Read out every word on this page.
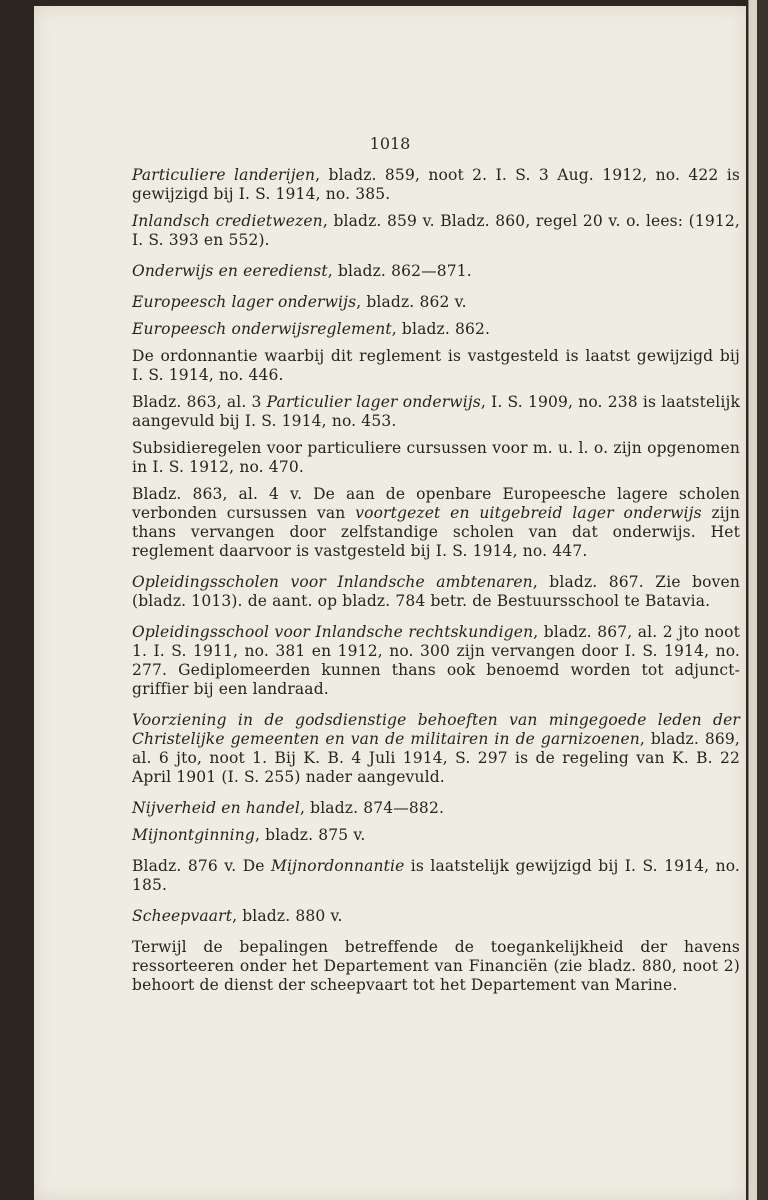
1018

Particuliere landerijen, bladz. 859, noot 2. I. S. 3 Aug. 1912, no. 422 is gewijzigd bij I. S. 1914, no. 385.

Inlandsch credietwezen, bladz. 859 v. Bladz. 860, regel 20 v. o. lees: (1912, I. S. 393 en 552).

Onderwijs en eeredienst, bladz. 862—871.

Europeesch lager onderwijs, bladz. 862 v.

Europeesch onderwijsreglement, bladz. 862.

De ordonnantie waarbij dit reglement is vastgesteld is laatst gewijzigd bij I. S. 1914, no. 446.

Bladz. 863, al. 3 Particulier lager onderwijs, I. S. 1909, no. 238 is laatstelijk aangevuld bij I. S. 1914, no. 453.

Subsidieregelen voor particuliere cursussen voor m. u. l. o. zijn opgenomen in I. S. 1912, no. 470.

Bladz. 863, al. 4 v. De aan de openbare Europeesche lagere scholen verbonden cursussen van voortgezet en uitgebreid lager onderwijs zijn thans vervangen door zelfstandige scholen van dat onderwijs. Het reglement daarvoor is vastgesteld bij I. S. 1914, no. 447.

Opleidingsscholen voor Inlandsche ambtenaren, bladz. 867. Zie boven (bladz. 1013). de aant. op bladz. 784 betr. de Bestuursschool te Batavia.

Opleidingsschool voor Inlandsche rechtskundigen, bladz. 867, al. 2 jto noot 1. I. S. 1911, no. 381 en 1912, no. 300 zijn vervangen door I. S. 1914, no. 277. Gediplomeerden kunnen thans ook benoemd worden tot adjunct-griffier bij een landraad.

Voorziening in de godsdienstige behoeften van mingegoede leden der Christelijke gemeenten en van de militairen in de garnizoenen, bladz. 869, al. 6 jto, noot 1. Bij K. B. 4 Juli 1914, S. 297 is de regeling van K. B. 22 April 1901 (I. S. 255) nader aangevuld.

Nijverheid en handel, bladz. 874—882.

Mijnontginning, bladz. 875 v.

Bladz. 876 v. De Mijnordonnantie is laatstelijk gewijzigd bij I. S. 1914, no. 185.

Scheepvaart, bladz. 880 v.

Terwijl de bepalingen betreffende de toegankelijkheid der havens ressorteeren onder het Departement van Financiën (zie bladz. 880, noot 2) behoort de dienst der scheepvaart tot het Departement van Marine.
